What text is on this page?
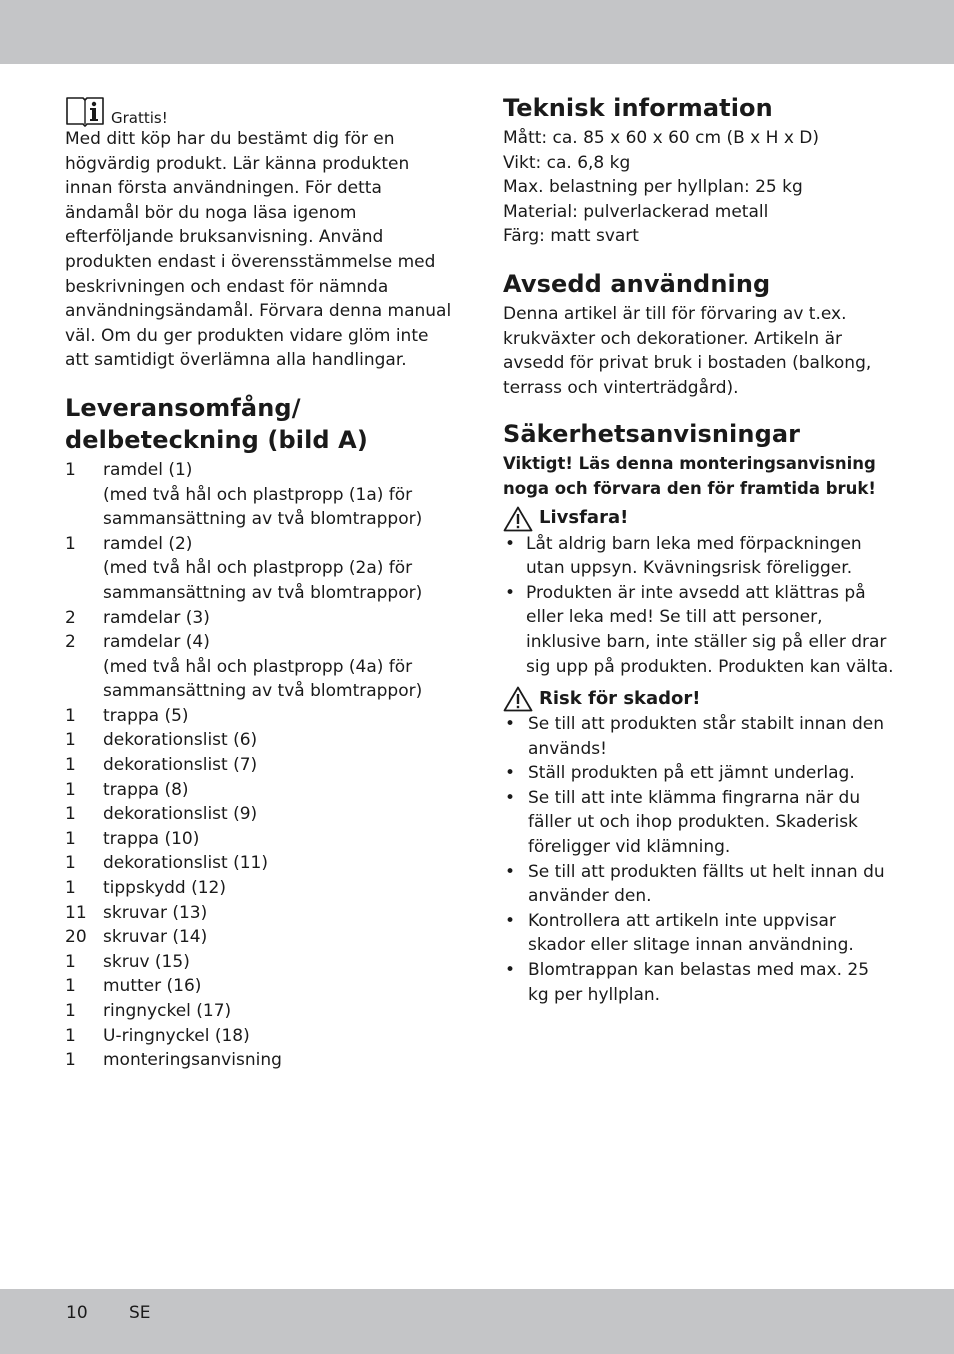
Grattis!

Med ditt köp har du bestämt dig för en högvärdig produkt. Lär känna produkten innan första användningen. För detta ändamål bör du noga läsa igenom efterföljande bruksanvisning. Använd produkten endast i överensstämmelse med beskrivningen och endast för nämnda användningsändamål. Förvara denna manual väl. Om du ger produkten vidare glöm inte att samtidigt överlämna alla handlingar.

Leveransomfång/
delbeteckning (bild A)
1	ramdel (1)
(med två hål och plastpropp (1a) för sammansättning av två blomtrappor)
1	ramdel (2)
(med två hål och plastpropp (2a) för sammansättning av två blomtrappor)
2	ramdelar (3)
2	ramdelar (4)
(med två hål och plastpropp (4a) för sammansättning av två blomtrappor)
1	trappa (5)
1	dekorationslist (6)
1	dekorationslist (7)
1	trappa (8)
1	dekorationslist (9)
1	trappa (10)
1	dekorationslist (11)
1	tippskydd (12)
11 skruvar (13)
20 skruvar (14)
1	skruv (15)
1	mutter (16)
1	ringnyckel (17)
1	U-ringnyckel (18)
1	monteringsanvisning
Teknisk information
Mått: ca. 85 x 60 x 60 cm (B x H x D)
Vikt: ca. 6,8 kg
Max. belastning per hyllplan: 25 kg
Material: pulverlackerad metall
Färg: matt svart
Avsedd användning

Denna artikel är till för förvaring av t.ex. krukväxter och dekorationer. Artikeln är avsedd för privat bruk i bostaden (balkong, terrass och vinterträdgård).

Säkerhetsanvisningar

Viktigt! Läs denna monteringsanvisning noga och förvara den för framtida bruk!

Livsfara!
• Låt aldrig barn leka med förpackningen utan uppsyn. Kvävningsrisk föreligger.
• Produkten är inte avsedd att klättras på eller leka med! Se till att personer, inklusive barn, inte ställer sig på eller drar sig upp på produkten. Produkten kan välta.
Risk för skador!
• Se till att produkten står stabilt innan den används!
• Ställ produkten på ett jämnt underlag.
• Se till att inte klämma fingrarna när du fäller ut och ihop produkten. Skaderisk föreligger vid klämning.
• Se till att produkten fällts ut helt innan du använder den.
• Kontrollera att artikeln inte uppvisar skador eller slitage innan användning.
• Blomtrappan kan belastas med max. 25 kg per hyllplan.
10 SE
